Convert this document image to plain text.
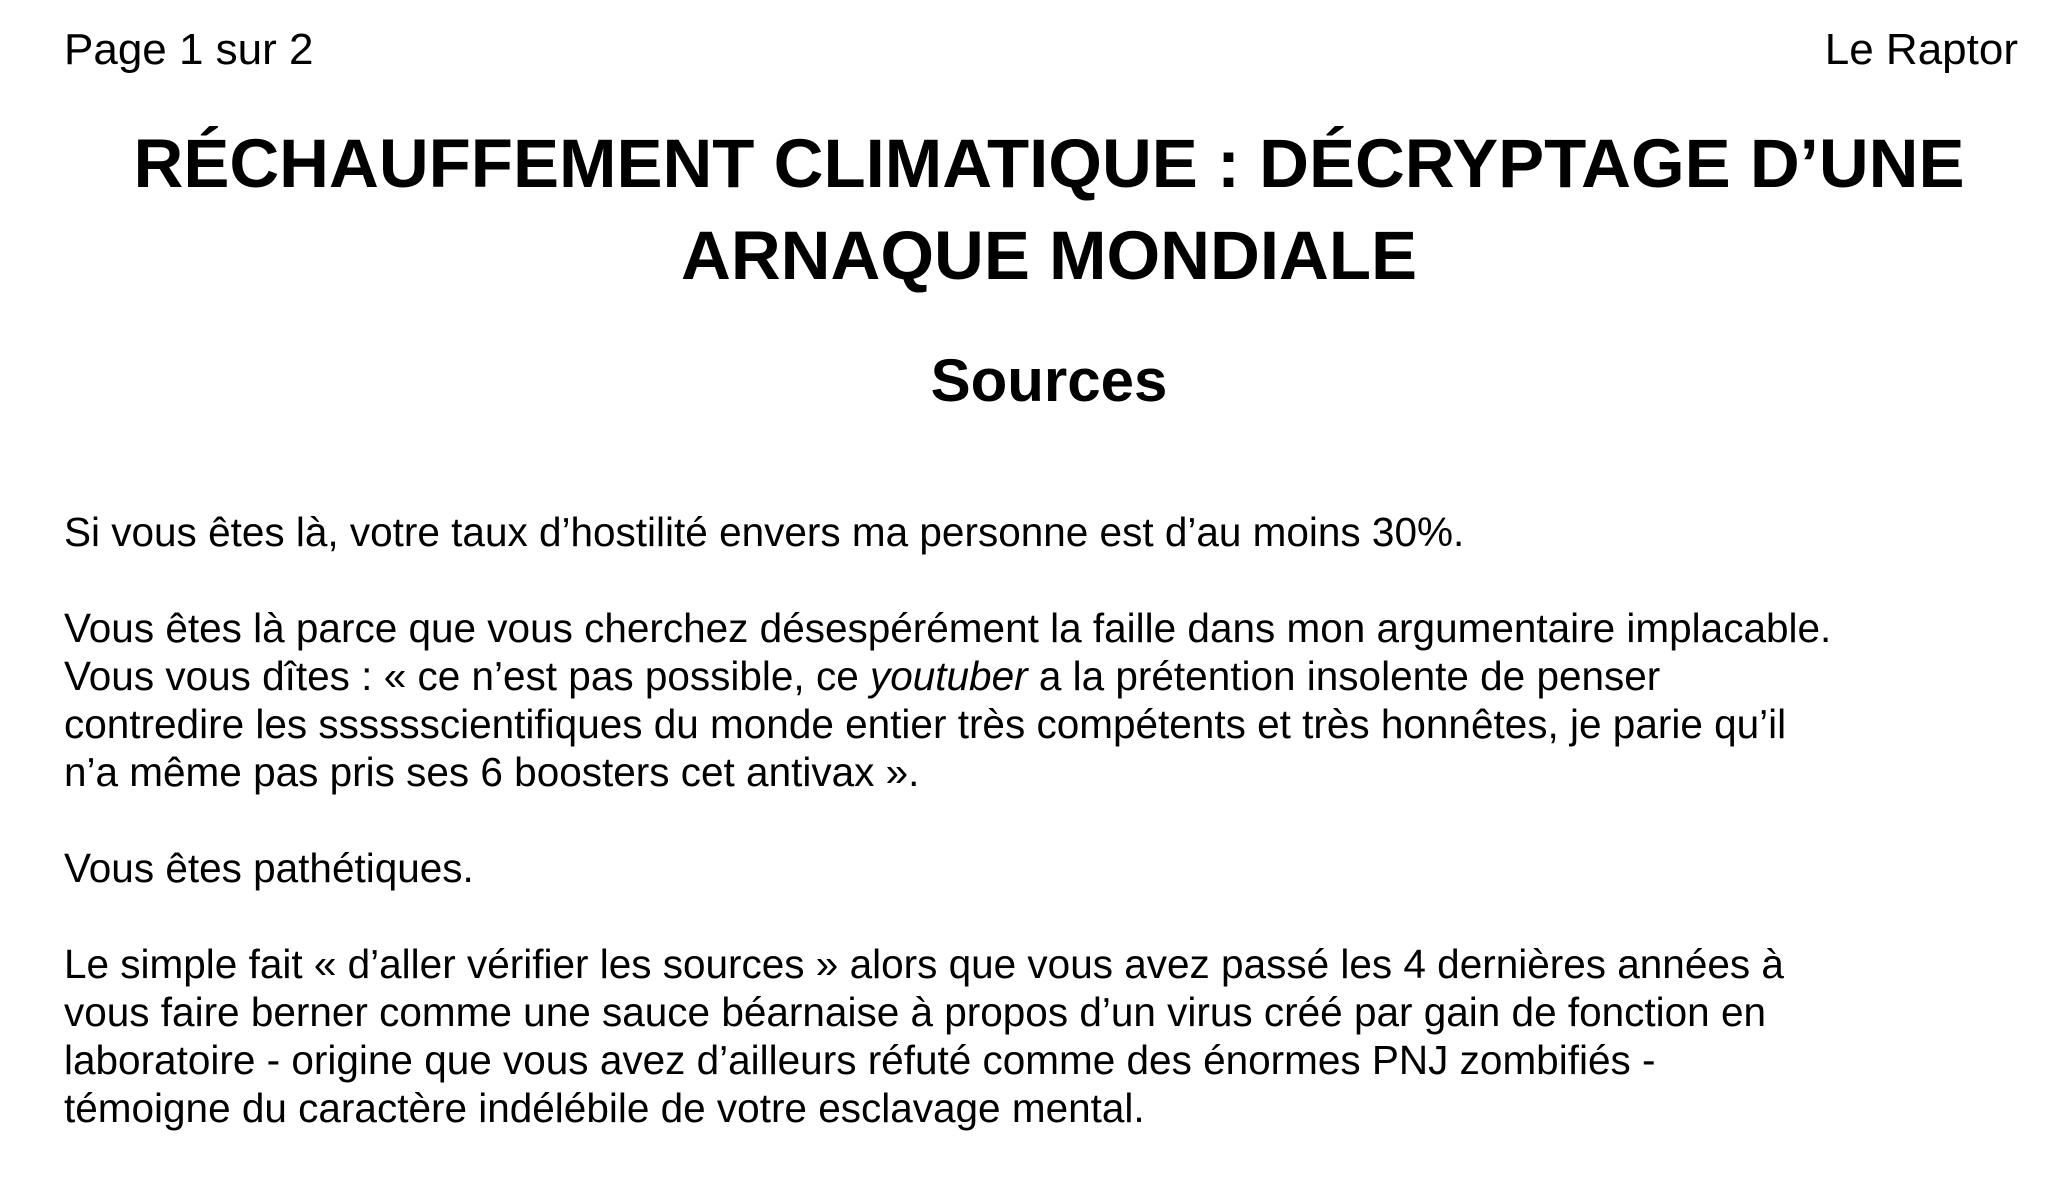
Page 1 sur 2	Le Raptor
RÉCHAUFFEMENT CLIMATIQUE : DÉCRYPTAGE D’UNE
ARNAQUE MONDIALE
Sources

Si vous êtes là, votre taux d’hostilité envers ma personne est d’au moins 30%.

Vous êtes là parce que vous cherchez désespérément la faille dans mon argumentaire implacable.
Vous vous dîtes : « ce n’est pas possible, ce youtuber a la prétention insolente de penser
contredire les sssssscientifiques du monde entier très compétents et très honnêtes, je parie qu’il
n’a même pas pris ses 6 boosters cet antivax ».

Vous êtes pathétiques.

Le simple fait « d’aller vérifier les sources » alors que vous avez passé les 4 dernières années à
vous faire berner comme une sauce béarnaise à propos d’un virus créé par gain de fonction en
laboratoire - origine que vous avez d’ailleurs réfuté comme des énormes PNJ zombifiés -
témoigne du caractère indélébile de votre esclavage mental.
